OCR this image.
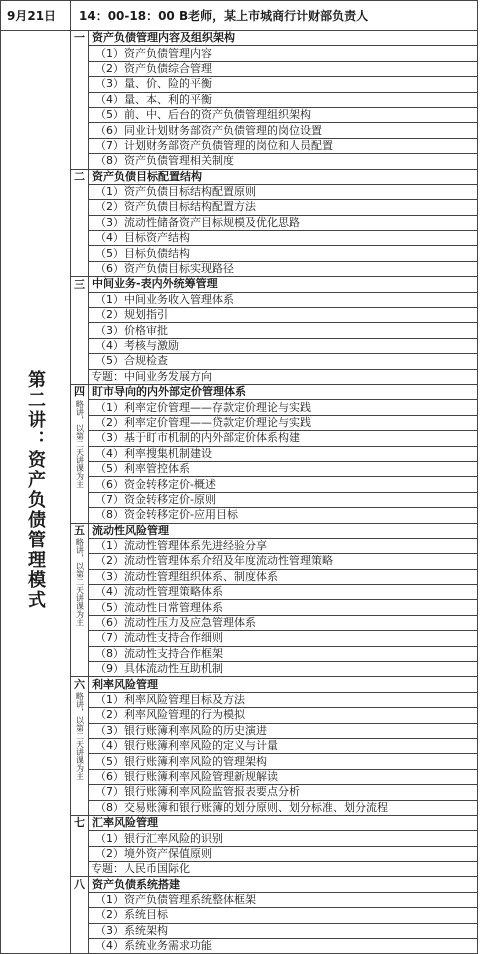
9月21日	14：00-18：00 B老师，某上市城商行计财部负责人	
第二讲：资产负债管理模式	一	资产负债管理内容及组织架构
		（1）资产负债管理内容
		（2）资产负债综合管理
		（3）量、价、险的平衡
		（4）量、本、利的平衡
		（5）前、中、后台的资产负债管理组织架构
		（6）同业计划财务部资产负债管理的岗位设置
		（7）计划财务部资产负债管理的岗位和人员配置
		（8）资产负债管理相关制度
	二	资产负债目标配置结构
		（1）资产负债目标结构配置原则
		（2）资产负债目标结构配置方法
		（3）流动性储备资产目标规模及优化思路
		（4）目标资产结构
		（5）目标负债结构
		（6）资产负债目标实现路径
	三	中间业务-表内外统筹管理
		（1）中间业务收入管理体系
		（2）规划指引
		（3）价格审批
		（4）考核与激励
		（5）合规检查
		专题：中间业务发展方向
	四	盯市导向的内外部定价管理体系
	略讲，以第二天讲课为主	（1）利率定价管理——存款定价理论与实践
		（2）利率定价管理——贷款定价理论与实践
		（3）基于盯市机制的内外部定价体系构建
		（4）利率搜集机制建设
		（5）利率管控体系
		（6）资金转移定价-概述
		（7）资金转移定价-原则
		（8）资金转移定价-应用目标
	五	流动性风险管理
	略讲，以第二天讲课为主	（1）流动性管理体系先进经验分享
		（2）流动性管理体系介绍及年度流动性管理策略
		（3）流动性管理组织体系、制度体系
		（4）流动性管理策略体系
		（5）流动性日常管理体系
		（6）流动性压力及应急管理体系
		（7）流动性支持合作细则
		（8）流动性支持合作框架
		（9）具体流动性互助机制
	六	利率风险管理
	略讲，以第二天讲课为主	（1）利率风险管理目标及方法
		（2）利率风险管理的行为模拟
		（3）银行账簿利率风险的历史演进
		（4）银行账簿利率风险的定义与计量
		（5）银行账簿利率风险的管理架构
		（6）银行账簿利率风险管理新规解读
		（7）银行账簿利率风险监管报表要点分析
		（8）交易账簿和银行账簿的划分原则、划分标准、划分流程
	七	汇率风险管理
		（1）银行汇率风险的识别
		（2）境外资产保值原则
		专题：人民币国际化
	八	资产负债系统搭建
		（1）资产负债管理系统整体框架
		（2）系统目标
		（3）系统架构
		（4）系统业务需求功能
